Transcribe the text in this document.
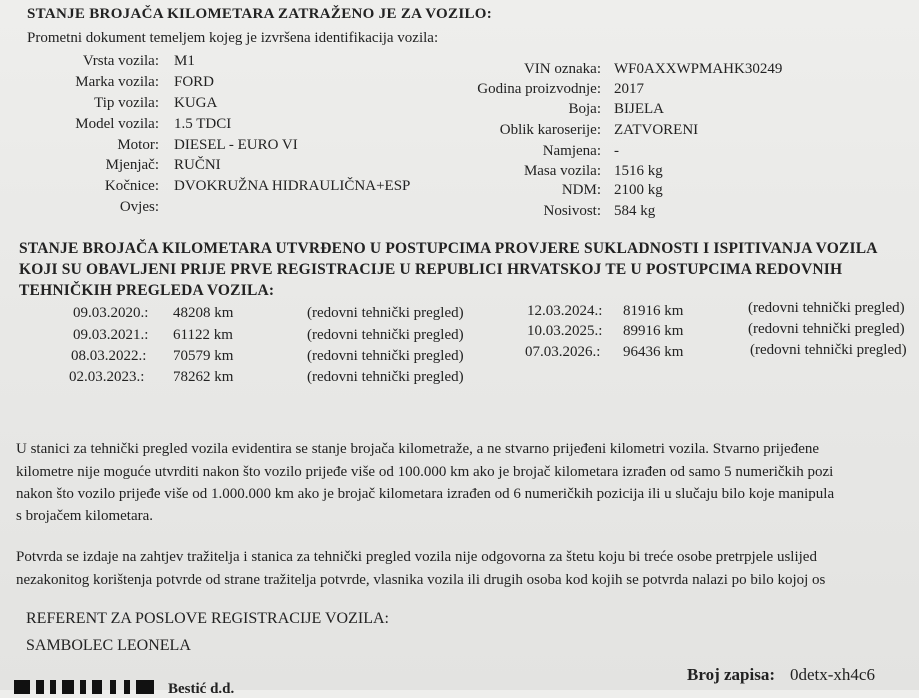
STANJE BROJAČA KILOMETARA ZATRAŽENO JE ZA VOZILO:
Prometni dokument temeljem kojeg je izvršena identifikacija vozila:
Vrsta vozila: M1
Marka vozila: FORD
Tip vozila: KUGA
Model vozila: 1.5 TDCI
Motor: DIESEL - EURO VI
Mjenjač: RUČNI
Kočnice: DVOKRUŽNA HIDRAULIČNA+ESP
Ovjes:
VIN oznaka: WF0AXXWPMAHK30249
Godina proizvodnje: 2017
Boja: BIJELA
Oblik karoserije: ZATVORENI
Namjena: -
Masa vozila: 1516 kg
NDM: 2100 kg
Nosivost: 584 kg
STANJE BROJAČA KILOMETARA UTVRĐENO U POSTUPCIMA PROVJERE SUKLADNOSTI I ISPITIVANJA VOZILA
KOJI SU OBAVLJENI PRIJE PRVE REGISTRACIJE U REPUBLICI HRVATSKOJ TE U POSTUPCIMA REDOVNIH
TEHNIČKIH PREGLEDA VOZILA:
09.03.2020.: 48208 km	(redovni tehnički pregled)
09.03.2021.: 61122 km	(redovni tehnički pregled)
08.03.2022.: 70579 km	(redovni tehnički pregled)
02.03.2023.: 78262 km	(redovni tehnički pregled)
12.03.2024.: 81916 km	(redovni tehnički pregled)
10.03.2025.: 89916 km	(redovni tehnički pregled)
07.03.2026.: 96436 km	(redovni tehnički pregled)
U stanici za tehnički pregled vozila evidentira se stanje brojača kilometraže, a ne stvarno prijeđeni kilometri vozila. Stvarno prijeđene
kilometre nije moguće utvrditi nakon što vozilo prijeđe više od 100.000 km ako je brojač kilometara izrađen od samo 5 numeričkih pozi
nakon što vozilo prijeđe više od 1.000.000 km ako je brojač kilometara izrađen od 6 numeričkih pozicija ili u slučaju bilo koje manipula
s brojačem kilometara.
Potvrda se izdaje na zahtjev tražitelja i stanica za tehnički pregled vozila nije odgovorna za štetu koju bi treće osobe pretrpjele uslijed
nezakonitog korištenja potvrde od strane tražitelja potvrde, vlasnika vozila ili drugih osoba kod kojih se potvrda nalazi po bilo kojoj os
REFERENT ZA POSLOVE REGISTRACIJE VOZILA:
SAMBOLEC LEONELA
Broj zapisa: 0detx-xh4c6
Bestić d.d.
